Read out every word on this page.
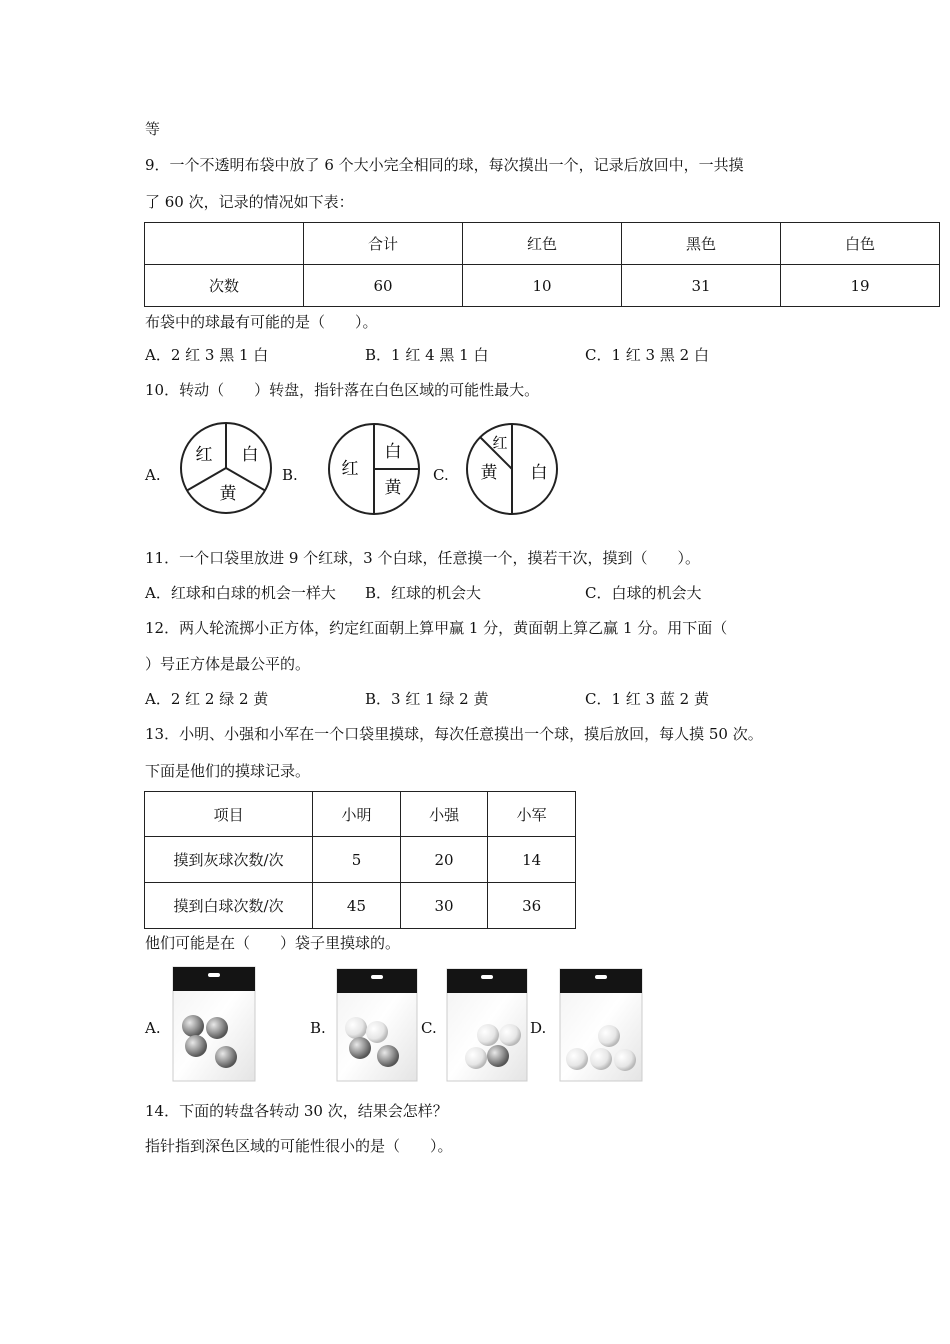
等
9．一个不透明布袋中放了 6 个大小完全相同的球，每次摸出一个，记录后放回中，一共摸
了 60 次，记录的情况如下表：
	合计	红色	黑色	白色
次数	60	10	31	19
布袋中的球最有可能的是（　　）。
A．2 红 3 黑 1 白	B．1 红 4 黑 1 白	C．1 红 3 黑 2 白
10．转动（　　）转盘，指针落在白色区域的可能性最大。
A.
红 白
黄
B.	红
白
黄
C.
红
黄 白
11．一个口袋里放进 9 个红球，3 个白球，任意摸一个，摸若干次，摸到（　　）。
A．红球和白球的机会一样大 B．红球的机会大	C．白球的机会大
12．两人轮流掷小正方体，约定红面朝上算甲赢 1 分，黄面朝上算乙赢 1 分。用下面（
）号正方体是最公平的。
A．2 红 2 绿 2 黄	B．3 红 1 绿 2 黄	C．1 红 3 蓝 2 黄
13．小明、小强和小军在一个口袋里摸球，每次任意摸出一个球，摸后放回，每人摸 50 次。
下面是他们的摸球记录。
项目	小明	小强	小军
摸到灰球次数/次	5	20	14
摸到白球次数/次	45	30	36
他们可能是在（　　）袋子里摸球的。
A.	B.	C.	D.
14．下面的转盘各转动 30 次，结果会怎样？
指针指到深色区域的可能性很小的是（　　）。
